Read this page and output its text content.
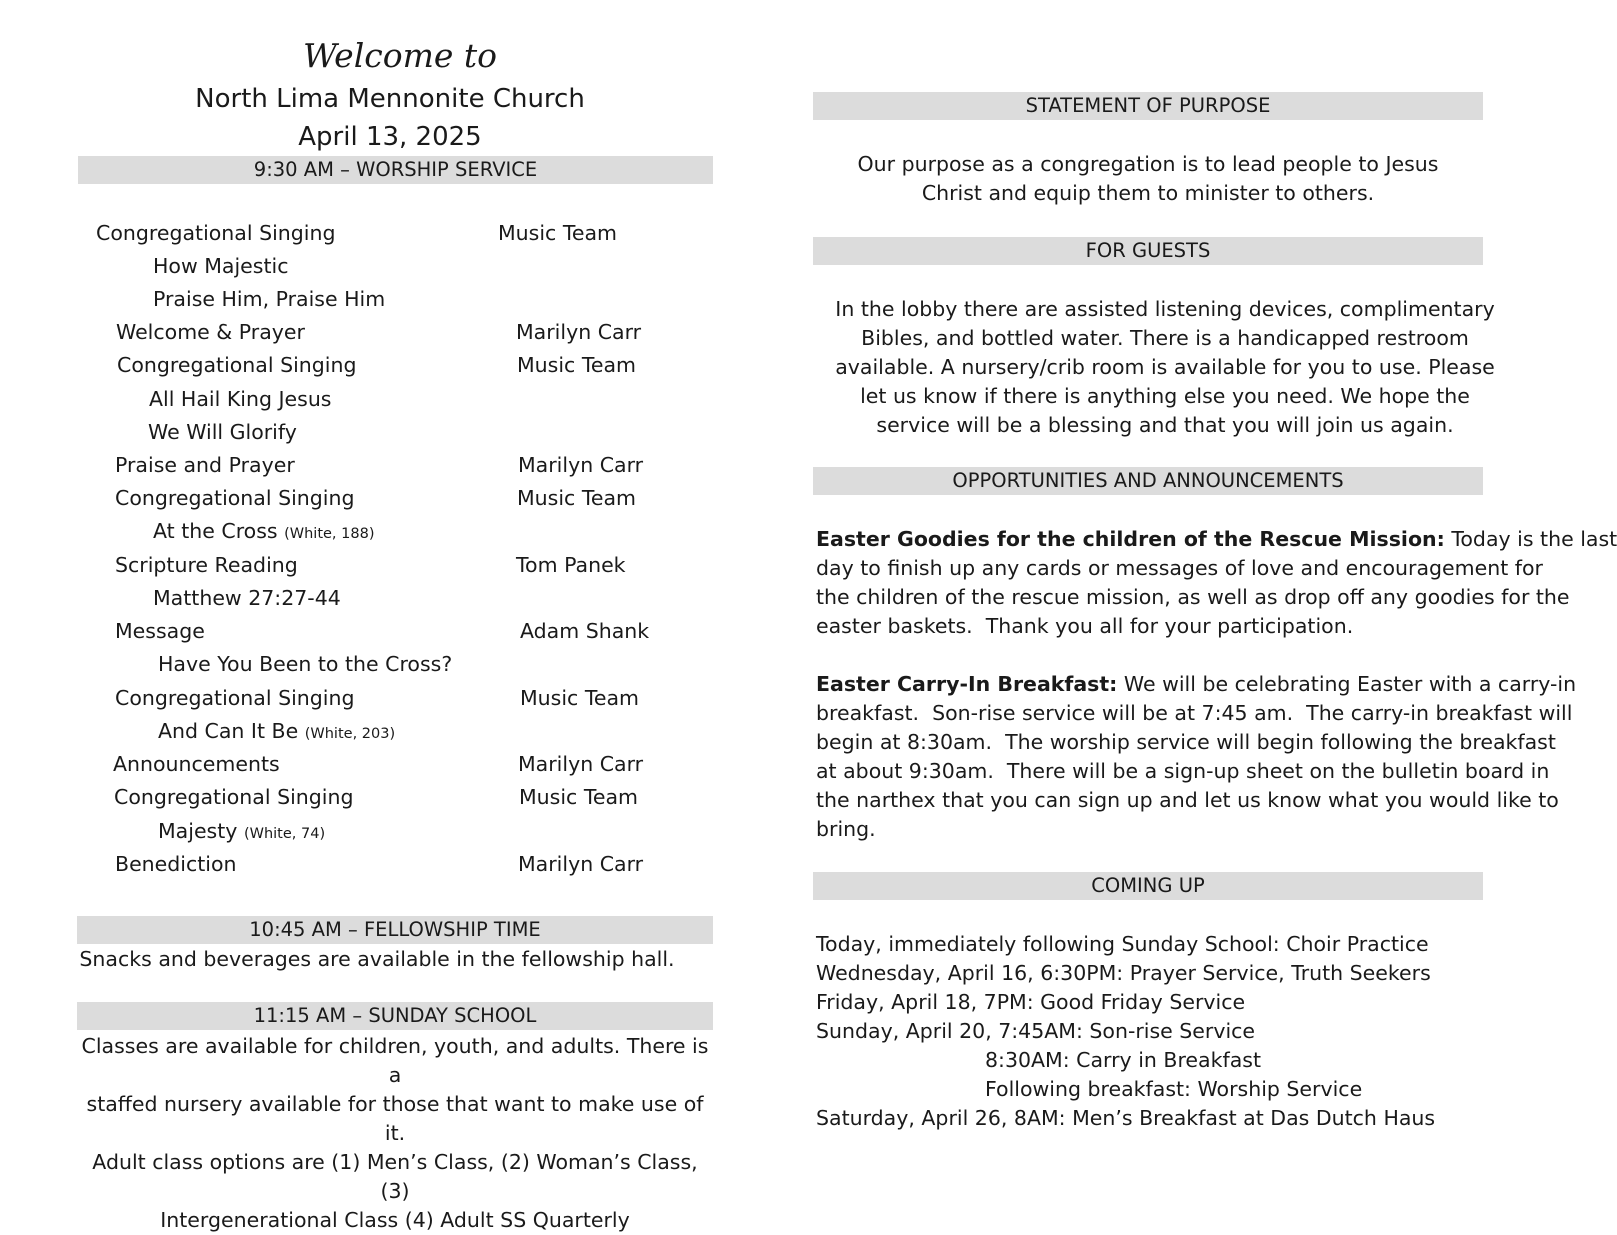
Welcome to
North Lima Mennonite Church
April 13, 2025
9:30 AM – WORSHIP SERVICE
Congregational Singing	Music Team
How Majestic
Praise Him, Praise Him
Welcome & Prayer	Marilyn Carr
Congregational Singing	Music Team
All Hail King Jesus
We Will Glorify
Praise and Prayer	Marilyn Carr
Congregational Singing	Music Team
At the Cross (White, 188)
Scripture Reading	Tom Panek
Matthew 27:27-44
Message	Adam Shank
Have You Been to the Cross?
Congregational Singing	Music Team
And Can It Be (White, 203)
Announcements	Marilyn Carr
Congregational Singing	Music Team
Majesty (White, 74)
Benediction	Marilyn Carr
10:45 AM – FELLOWSHIP TIME
Snacks and beverages are available in the fellowship hall.
11:15 AM – SUNDAY SCHOOL
Classes are available for children, youth, and adults. There is a
staffed nursery available for those that want to make use of it.
Adult class options are (1) Men’s Class, (2) Woman’s Class, (3)
Intergenerational Class (4) Adult SS Quarterly
STATEMENT OF PURPOSE
Our purpose as a congregation is to lead people to Jesus
Christ and equip them to minister to others.
FOR GUESTS
In the lobby there are assisted listening devices, complimentary
Bibles, and bottled water. There is a handicapped restroom
available. A nursery/crib room is available for you to use. Please
let us know if there is anything else you need. We hope the
service will be a blessing and that you will join us again.
OPPORTUNITIES AND ANNOUNCEMENTS
Easter Goodies for the children of the Rescue Mission: Today is the last
day to finish up any cards or messages of love and encouragement for
the children of the rescue mission, as well as drop off any goodies for the
easter baskets.  Thank you all for your participation.
Easter Carry-In Breakfast: We will be celebrating Easter with a carry-in
breakfast.  Son-rise service will be at 7:45 am.  The carry-in breakfast will
begin at 8:30am.  The worship service will begin following the breakfast
at about 9:30am.  There will be a sign-up sheet on the bulletin board in
the narthex that you can sign up and let us know what you would like to
bring.
COMING UP
Today, immediately following Sunday School: Choir Practice
Wednesday, April 16, 6:30PM: Prayer Service, Truth Seekers
Friday, April 18, 7PM: Good Friday Service
Sunday, April 20, 7:45AM: Son-rise Service
8:30AM: Carry in Breakfast
Following breakfast: Worship Service
Saturday, April 26, 8AM: Men’s Breakfast at Das Dutch Haus
